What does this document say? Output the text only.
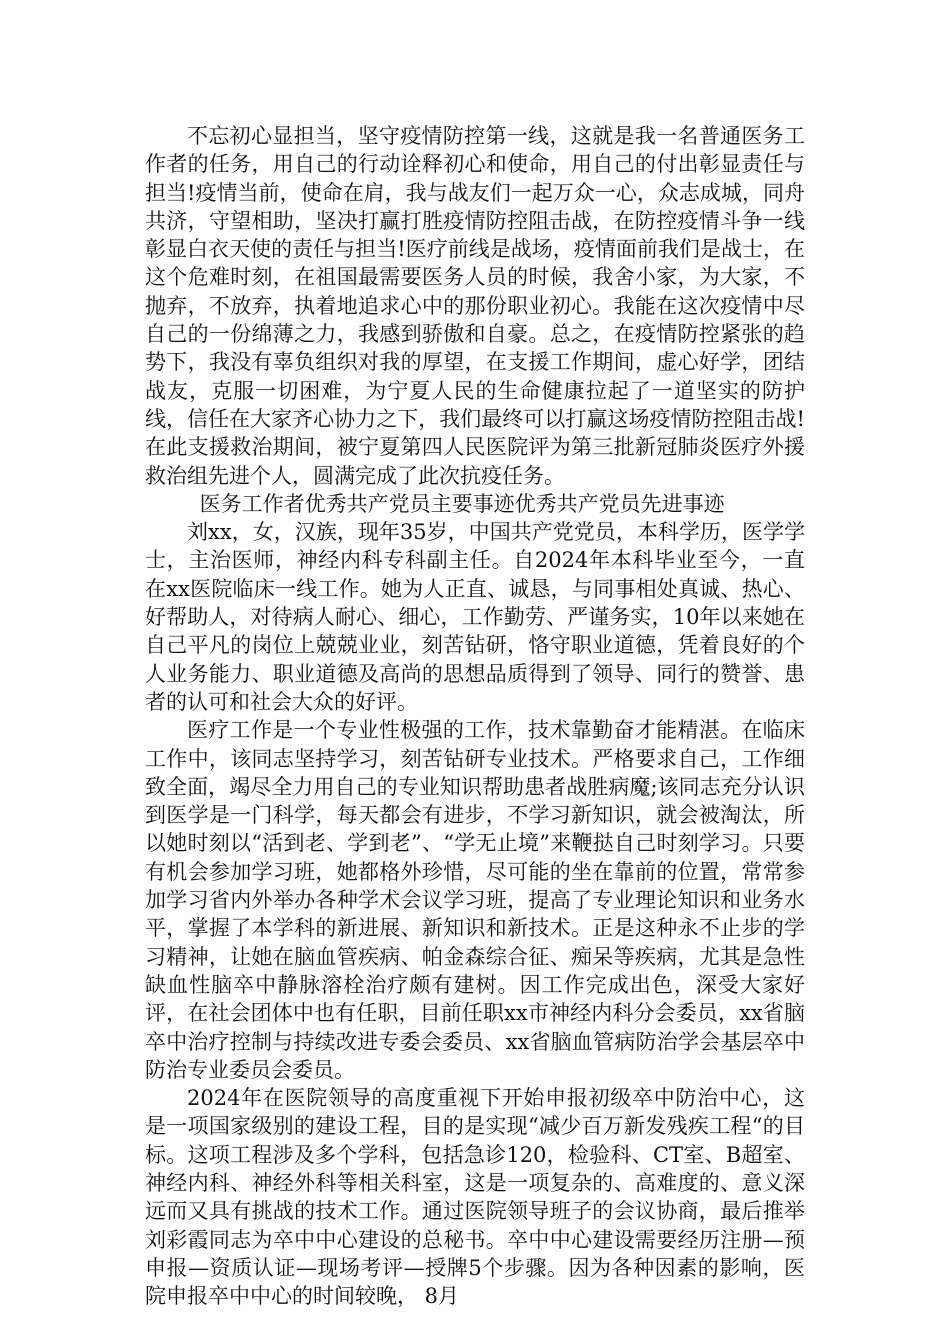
不忘初心显担当，坚守疫情防控第一线，这就是我一名普通医务工作者的任务，用自己的行动诠释初心和使命，用自己的付出彰显责任与担当!疫情当前，使命在肩，我与战友们一起万众一心，众志成城，同舟共济，守望相助，坚决打赢打胜疫情防控阻击战，在防控疫情斗争一线彰显白衣天使的责任与担当!医疗前线是战场，疫情面前我们是战士，在这个危难时刻，在祖国最需要医务人员的时候，我舍小家，为大家，不抛弃，不放弃，执着地追求心中的那份职业初心。我能在这次疫情中尽自己的一份绵薄之力，我感到骄傲和自豪。总之，在疫情防控紧张的趋势下，我没有辜负组织对我的厚望，在支援工作期间，虚心好学，团结战友，克服一切困难，为宁夏人民的生命健康拉起了一道坚实的防护线，信任在大家齐心协力之下，我们最终可以打赢这场疫情防控阻击战!在此支援救治期间，被宁夏第四人民医院评为第三批新冠肺炎医疗外援救治组先进个人，圆满完成了此次抗疫任务。

医务工作者优秀共产党员主要事迹优秀共产党员先进事迹

刘xx，女，汉族，现年35岁，中国共产党党员，本科学历，医学学士，主治医师，神经内科专科副主任。自2024年本科毕业至今，一直在xx医院临床一线工作。她为人正直、诚恳，与同事相处真诚、热心、好帮助人，对待病人耐心、细心，工作勤劳、严谨务实，10年以来她在自己平凡的岗位上兢兢业业，刻苦钻研，恪守职业道德，凭着良好的个人业务能力、职业道德及高尚的思想品质得到了领导、同行的赞誉、患者的认可和社会大众的好评。

医疗工作是一个专业性极强的工作，技术靠勤奋才能精湛。在临床工作中，该同志坚持学习，刻苦钻研专业技术。严格要求自己，工作细致全面，竭尽全力用自己的专业知识帮助患者战胜病魔;该同志充分认识到医学是一门科学，每天都会有进步，不学习新知识，就会被淘汰，所以她时刻以“活到老、学到老”、“学无止境”来鞭挞自己时刻学习。只要有机会参加学习班，她都格外珍惜，尽可能的坐在靠前的位置，常常参加学习省内外举办各种学术会议学习班，提高了专业理论知识和业务水平，掌握了本学科的新进展、新知识和新技术。正是这种永不止步的学习精神，让她在脑血管疾病、帕金森综合征、痴呆等疾病，尤其是急性缺血性脑卒中静脉溶栓治疗颇有建树。因工作完成出色，深受大家好评，在社会团体中也有任职，目前任职xx市神经内科分会委员，xx省脑卒中治疗控制与持续改进专委会委员、xx省脑血管病防治学会基层卒中防治专业委员会委员。

2024年在医院领导的高度重视下开始申报初级卒中防治中心，这是一项国家级别的建设工程，目的是实现“减少百万新发残疾工程“的目标。这项工程涉及多个学科，包括急诊120，检验科、CT室、B超室、神经内科、神经外科等相关科室，这是一项复杂的、高难度的、意义深远而又具有挑战的技术工作。通过医院领导班子的会议协商，最后推举刘彩霞同志为卒中中心建设的总秘书。卒中中心建设需要经历注册—预申报—资质认证—现场考评—授牌5个步骤。因为各种因素的影响，医院申报卒中中心的时间较晚， 8月
